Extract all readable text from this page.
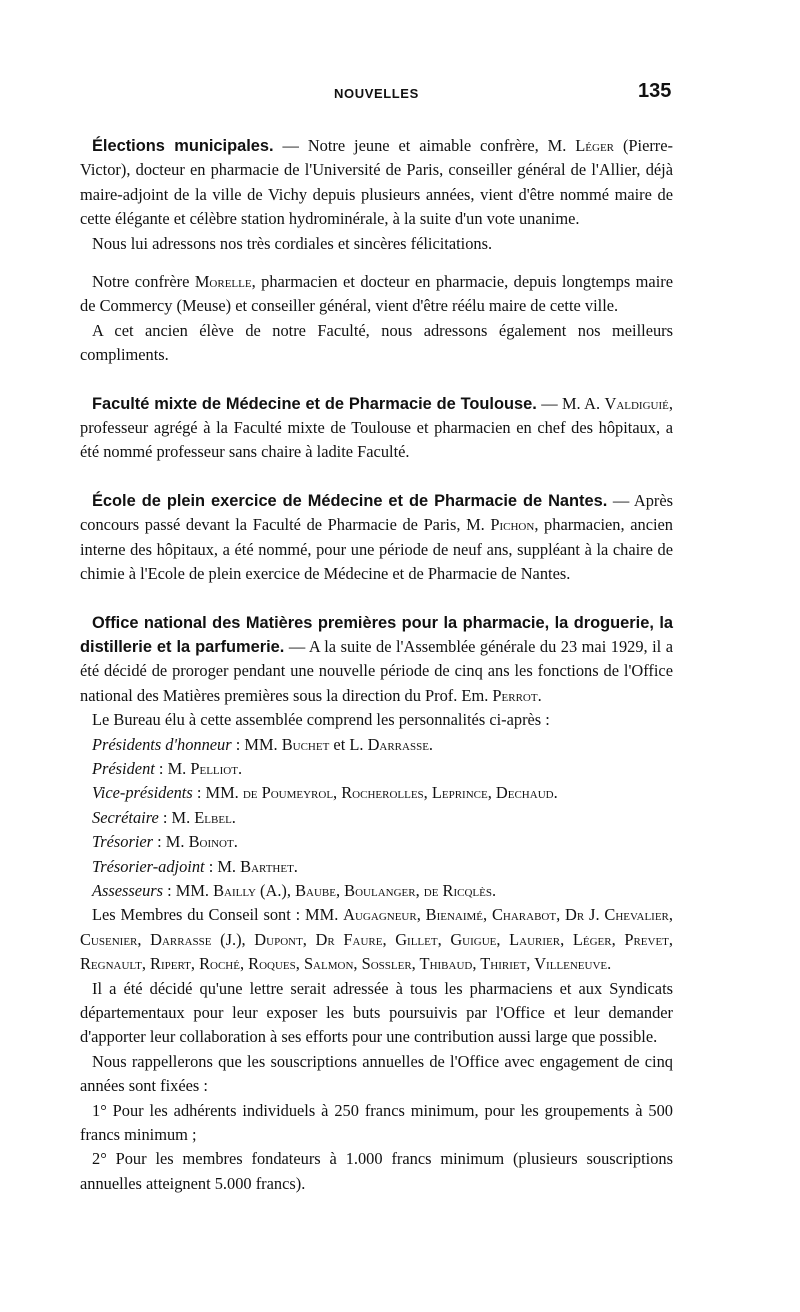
NOUVELLES	135

Élections municipales. — Notre jeune et aimable confrère, M. Léger (Pierre-Victor), docteur en pharmacie de l'Université de Paris, conseiller général de l'Allier, déjà maire-adjoint de la ville de Vichy depuis plusieurs années, vient d'être nommé maire de cette élégante et célèbre station hydrominérale, à la suite d'un vote unanime.

Nous lui adressons nos très cordiales et sincères félicitations.

Notre confrère Morelle, pharmacien et docteur en pharmacie, depuis longtemps maire de Commercy (Meuse) et conseiller général, vient d'être réélu maire de cette ville.

A cet ancien élève de notre Faculté, nous adressons également nos meilleurs compliments.

Faculté mixte de Médecine et de Pharmacie de Toulouse. — M. A. Valdiguié, professeur agrégé à la Faculté mixte de Toulouse et pharmacien en chef des hôpitaux, a été nommé professeur sans chaire à ladite Faculté.

École de plein exercice de Médecine et de Pharmacie de Nantes. — Après concours passé devant la Faculté de Pharmacie de Paris, M. Pichon, pharmacien, ancien interne des hôpitaux, a été nommé, pour une période de neuf ans, suppléant à la chaire de chimie à l'Ecole de plein exercice de Médecine et de Pharmacie de Nantes.

Office national des Matières premières pour la pharmacie, la droguerie, la distillerie et la parfumerie. — A la suite de l'Assemblée générale du 23 mai 1929, il a été décidé de proroger pendant une nouvelle période de cinq ans les fonctions de l'Office national des Matières premières sous la direction du Prof. Em. Perrot.

Le Bureau élu à cette assemblée comprend les personnalités ci-après :

Présidents d'honneur : MM. Buchet et L. Darrasse.

Président : M. Pelliot.

Vice-présidents : MM. de Poumeyrol, Rocherolles, Leprince, Dechaud.

Secrétaire : M. Elbel.

Trésorier : M. Boinot.

Trésorier-adjoint : M. Barthet.

Assesseurs : MM. Bailly (A.), Baube, Boulanger, de Ricqlès.

Les Membres du Conseil sont : MM. Augagneur, Bienaimé, Charabot, Dr J. Chevalier, Cusenier, Darrasse (J.), Dupont, Dr Faure, Gillet, Guigue, Laurier, Léger, Prevet, Regnault, Ripert, Roché, Roques, Salmon, Sossler, Thibaud, Thiriet, Villeneuve.

Il a été décidé qu'une lettre serait adressée à tous les pharmaciens et aux Syndicats départementaux pour leur exposer les buts poursuivis par l'Office et leur demander d'apporter leur collaboration à ses efforts pour une contribution aussi large que possible.

Nous rappellerons que les souscriptions annuelles de l'Office avec engagement de cinq années sont fixées :

1° Pour les adhérents individuels à 250 francs minimum, pour les groupements à 500 francs minimum ;

2° Pour les membres fondateurs à 1.000 francs minimum (plusieurs souscriptions annuelles atteignent 5.000 francs).
